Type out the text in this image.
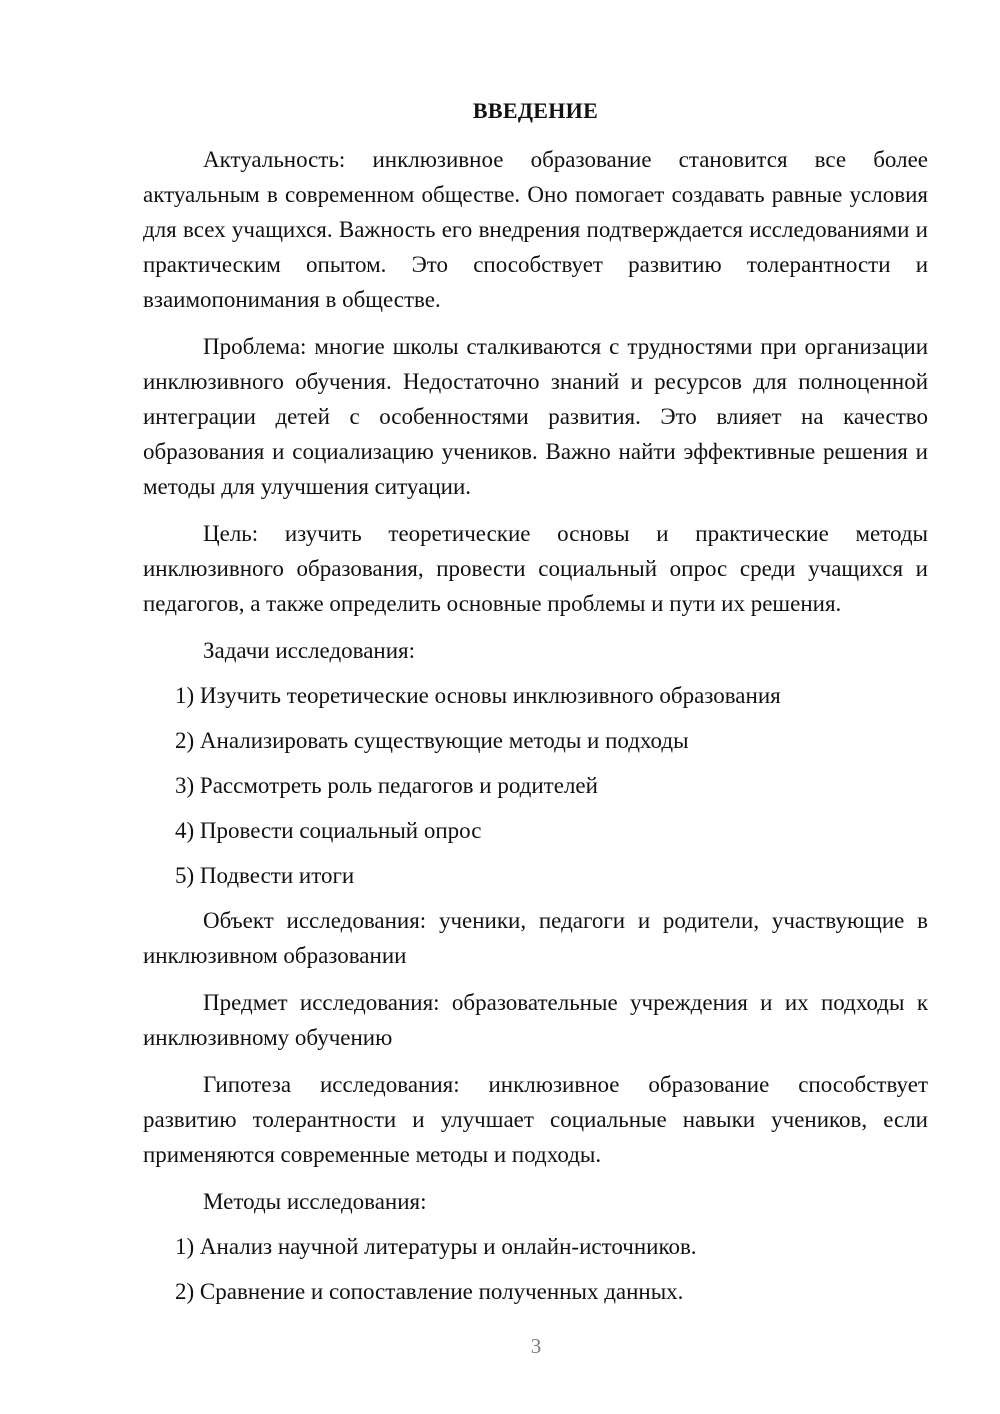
ВВЕДЕНИЕ

Актуальность: инклюзивное образование становится все более актуальным в современном обществе. Оно помогает создавать равные условия для всех учащихся. Важность его внедрения подтверждается исследованиями и практическим опытом. Это способствует развитию толерантности и взаимопонимания в обществе.

Проблема: многие школы сталкиваются с трудностями при организации инклюзивного обучения. Недостаточно знаний и ресурсов для полноценной интеграции детей с особенностями развития. Это влияет на качество образования и социализацию учеников. Важно найти эффективные решения и методы для улучшения ситуации.

Цель: изучить теоретические основы и практические методы инклюзивного образования, провести социальный опрос среди учащихся и педагогов, а также определить основные проблемы и пути их решения.

Задачи исследования:

1) Изучить теоретические основы инклюзивного образования

2) Анализировать существующие методы и подходы

3) Рассмотреть роль педагогов и родителей

4) Провести социальный опрос

5) Подвести итоги

Объект исследования: ученики, педагоги и родители, участвующие в инклюзивном образовании

Предмет исследования: образовательные учреждения и их подходы к инклюзивному обучению

Гипотеза исследования: инклюзивное образование способствует развитию толерантности и улучшает социальные навыки учеников, если применяются современные методы и подходы.

Методы исследования:

1) Анализ научной литературы и онлайн-источников.

2) Сравнение и сопоставление полученных данных.

3
